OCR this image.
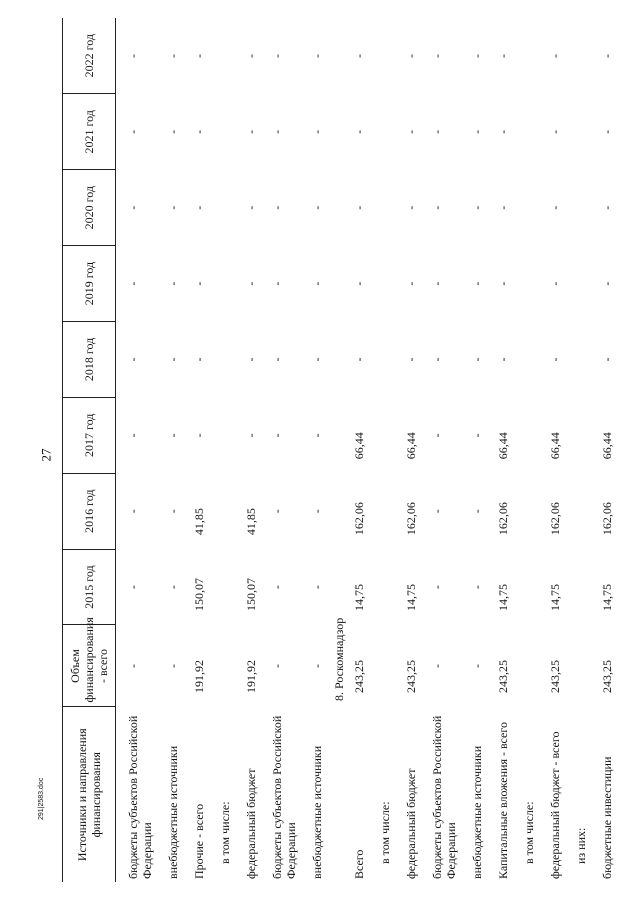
27
Источники и направления финансирования	Объем финансирования - всего	2015 год	2016 год	2017 год	2018 год	2019 год	2020 год	2021 год	2022 год
бюджеты субъектов Российской Федерации	-	-	-	-	-	-	-	-	-
внебюджетные источники	-	-	-	-	-	-	-	-	-
Прочие - всего	191,92	150,07	41,85	-	-	-	-	-	-
в том числе:									
федеральный бюджет	191,92	150,07	41,85	-	-	-	-	-	-
бюджеты субъектов Российской Федерации	-	-	-	-	-	-	-	-	-
внебюджетные источники	-	-	-	-	-	-	-	-	-

8. Роскомнадзор									

Всего	243,25	14,75	162,06	66,44	-	-	-	-	-
в том числе:									
федеральный бюджет	243,25	14,75	162,06	66,44	-	-	-	-	-
бюджеты субъектов Российской Федерации	-	-	-	-	-	-	-	-	-
внебюджетные источники	-	-	-	-	-	-	-	-	-
Капитальные вложения - всего	243,25	14,75	162,06	66,44	-	-	-	-	-
в том числе:									
федеральный бюджет - всего	243,25	14,75	162,06	66,44	-	-	-	-	-
из них:									
бюджетные инвестиции	243,25	14,75	162,06	66,44	-	-	-	-	-
291|2583.doc
